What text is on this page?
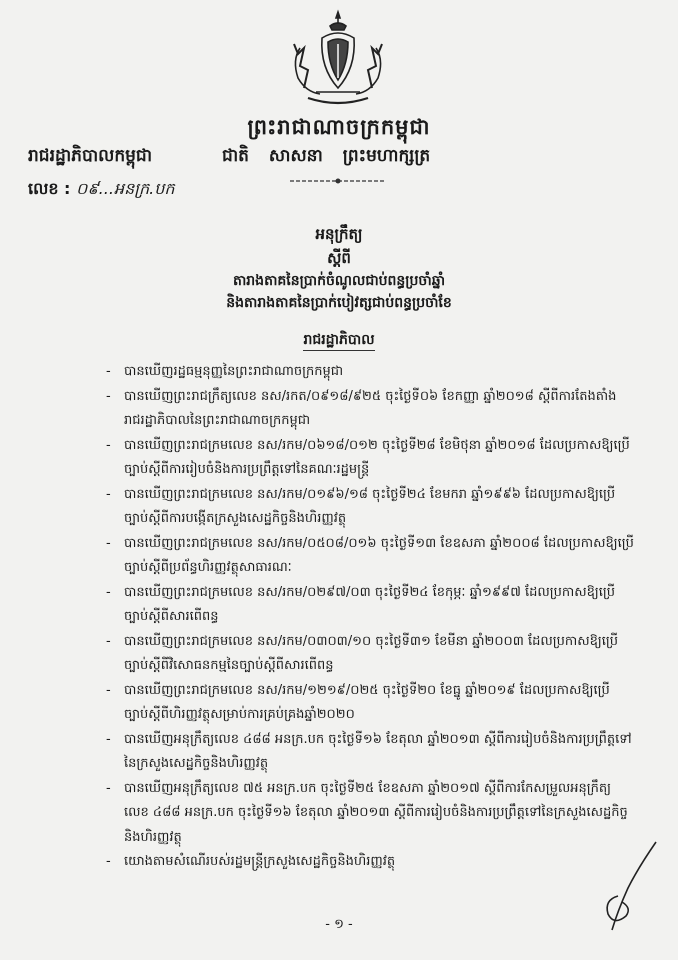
ព្រះរាជាណាចក្រកម្ពុជា
រាជរដ្ឋាភិបាលកម្ពុជា	ជាតិ សាសនា ព្រះមហាក្សត្រ
លេខ : ០៩...អនក្រ.បក
អនុក្រឹត្យ
ស្ដីពី
តារាងតាគនៃប្រាក់ចំណូលជាប់ពន្ធប្រចាំឆ្នាំ
និងតារាងតាគនៃប្រាក់បៀវត្សជាប់ពន្ធប្រចាំខែ
រាជរដ្ឋាភិបាល
- បានឃើញរដ្ឋធម្មនុញ្ញនៃព្រះរាជាណាចក្រកម្ពុជា
- បានឃើញព្រះរាជក្រឹត្យលេខ នស/រកត/០៩១៨/៩២៥ ចុះថ្ងៃទី០៦ ខែកញ្ញា ឆ្នាំ២០១៨ ស្ដីពីការតែងតាំង
រាជរដ្ឋាភិបាលនៃព្រះរាជាណាចក្រកម្ពុជា
- បានឃើញព្រះរាជក្រមលេខ នស/រកម/០៦១៨/០១២ ចុះថ្ងៃទី២៨ ខែមិថុនា ឆ្នាំ២០១៨ ដែលប្រកាសឱ្យប្រើ
ច្បាប់ស្ដីពីការរៀបចំនិងការប្រព្រឹត្តទៅនៃគណៈរដ្ឋមន្ត្រី
- បានឃើញព្រះរាជក្រមលេខ នស/រកម/០១៩៦/១៨ ចុះថ្ងៃទី២៤ ខែមករា ឆ្នាំ១៩៩៦ ដែលប្រកាសឱ្យប្រើ
ច្បាប់ស្ដីពីការបង្កើតក្រសួងសេដ្ឋកិច្ចនិងហិរញ្ញវត្ថុ
- បានឃើញព្រះរាជក្រមលេខ នស/រកម/០៥០៨/០១៦ ចុះថ្ងៃទី១៣ ខែឧសភា ឆ្នាំ២០០៨ ដែលប្រកាសឱ្យប្រើ
ច្បាប់ស្ដីពីប្រព័ន្ធហិរញ្ញវត្ថុសាធារណៈ
- បានឃើញព្រះរាជក្រមលេខ នស/រកម/០២៩៧/០៣ ចុះថ្ងៃទី២៤ ខែកុម្ភៈ ឆ្នាំ១៩៩៧ ដែលប្រកាសឱ្យប្រើ
ច្បាប់ស្ដីពីសារពើពន្ធ
- បានឃើញព្រះរាជក្រមលេខ នស/រកម/០៣០៣/១០ ចុះថ្ងៃទី៣១ ខែមីនា ឆ្នាំ២០០៣ ដែលប្រកាសឱ្យប្រើ
ច្បាប់ស្ដីពីវិសោធនកម្មនៃច្បាប់ស្ដីពីសារពើពន្ធ
- បានឃើញព្រះរាជក្រមលេខ នស/រកម/១២១៩/០២៥ ចុះថ្ងៃទី២០ ខែធ្នូ ឆ្នាំ២០១៩ ដែលប្រកាសឱ្យប្រើ
ច្បាប់ស្ដីពីហិរញ្ញវត្ថុសម្រាប់ការគ្រប់គ្រងឆ្នាំ២០២០
- បានឃើញអនុក្រឹត្យលេខ ៤៨៨ អនក្រ.បក ចុះថ្ងៃទី១៦ ខែតុលា ឆ្នាំ២០១៣ ស្ដីពីការរៀបចំនិងការប្រព្រឹត្តទៅ
នៃក្រសួងសេដ្ឋកិច្ចនិងហិរញ្ញវត្ថុ
- បានឃើញអនុក្រឹត្យលេខ ៧៥ អនក្រ.បក ចុះថ្ងៃទី២៥ ខែឧសភា ឆ្នាំ២០១៧ ស្ដីពីការកែសម្រួលអនុក្រឹត្យ
លេខ ៤៨៨ អនក្រ.បក ចុះថ្ងៃទី១៦ ខែតុលា ឆ្នាំ២០១៣ ស្ដីពីការរៀបចំនិងការប្រព្រឹត្តទៅនៃក្រសួងសេដ្ឋកិច្ច
និងហិរញ្ញវត្ថុ
- យោងតាមសំណើរបស់រដ្ឋមន្ត្រីក្រសួងសេដ្ឋកិច្ចនិងហិរញ្ញវត្ថុ
- ១ -
